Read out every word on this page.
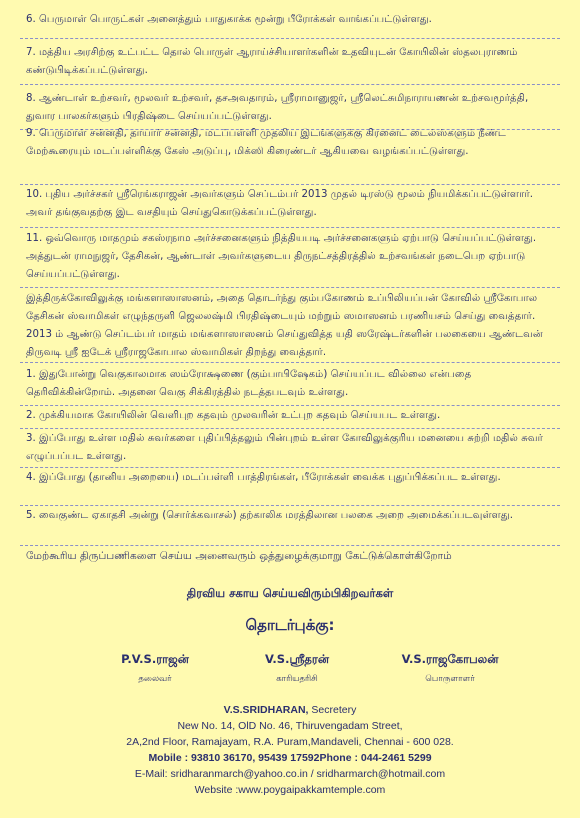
6. பெருமாள் பொருட்கள் அனைத்தும் பாதுகாக்க மூன்று பீரோக்கள் வாங்கப்பட்டுள்ளது.

7. மத்திய அரசிற்கு உட்பட்ட தொல் பொருள் ஆராய்ச்சியாளர்களின் உதவியுடன் கோயிலின் ஸ்தலபுராணம் கண்டுபிடிக்கப்பட்டுள்ளது.

8. ஆண்டாள் உற்சவர், மூலவர் உற்சவர், தசஅவதாரம், ஸ்ரீராமானுஜர், ஸ்ரீலெட்சுமிநாராயணன் உற்சவமூர்த்தி, துவார பாலகர்களும் பிரதிஷ்டை செய்யப்பட்டுள்ளது.

9. பெருமாள் சன்னதி, தாயார் சன்னதி, மடப்பள்ளி முதலிய இடங்களுக்கு கிரனைட் டைல்ஸ்களும் நீண்ட மேற்கூரையும் மடப்பள்ளிக்கு கேஸ் அடுப்பு, மிக்ஸி கிரைண்டர் ஆகியவை வழங்கப்பட்டுள்ளது.

10. புதிய அர்ச்சகர் ஸ்ரீரெங்கராஜன் அவர்களும் செப்டம்பர் 2013 முதல் டிரஸ்டு மூலம் நியமிக்கப்பட்டுள்ளார். அவர் தங்குவதற்கு இட வசதியும் செய்துகொடுக்கப்பட்டுள்ளது.

11. ஒவ்வொரு மாதமும் சகஸ்ரநாம அர்ச்சனைகளும் நித்தியபடி அர்ச்சனைகளும் ஏற்பாடு செய்யப்பட்டுள்ளது. அத்துடன் ராமநுஜர், தேசிகன், ஆண்டாள் அவர்களுடைய திருநட்சத்திரத்தில் உற்சவங்கள் நடைபெற ஏற்பாடு செய்யப்பட்டுள்ளது.

இத்திருக்கோவிலுக்கு மங்களாஸாஸனம், அதை தொடர்ந்து கும்பகோணம் உப்பிலியப்பன் கோவில் ஸ்ரீகோபால தேசிகன் ஸ்வாமிகள் எழுந்தருளி ஜெலலஷ்மி பிரதிஷ்டையும் மற்றும் ஸமாஸனம் பரணியசம் செய்து வைத்தார். 2013 ம் ஆண்டு செப்டம்பர் மாதம் மங்களாஸாஸனம் செய்துவித்த யதி ஸரேஷ்டர்களின் பலகையை ஆண்டவன் திருவடி ஸ்ரீ ஐடேக் ஸ்ரீராஜகோபால ஸ்வாமிகள் திறந்து வைத்தார்.

1. இதுபோன்று வெகுகாலமாக ஸம்ரோக்ஷணை (கும்பாபிஷேகம்) செய்யப்பட வில்லை என்பதை தெரிவிக்கின்றோம். அதனை வெகு சிக்கிரத்தில் நடத்தபடவும் உள்ளது.

2. முக்கியமாக கோயிலின் வெளிபுற கதவும் முலவரின் உட்புற கதவும் செய்யபட உள்ளது.

3. இப்போது உள்ள மதில் சுவர்களை புதிப்பித்தலும் பின்புறம் உள்ள கோவிலுக்குரிய மனையை சுற்றி மதில் சுவர் எழுப்பப்பட உள்ளது.

4. இப்போது (தானிய அறையை) மடப்பள்ளி பாத்திரங்கள், பீரோக்கள் வைக்க புதுப்பிக்கப்பட உள்ளது.

5. வைகுண்ட ஏகாதசி அன்று (சொர்க்கவாசல்) தற்காலிக மரத்திலான பலகை அறை அமைக்கப்படவுள்ளது.

மேற்கூரிய திருப்பணிகளை செய்ய அனைவரும் ஒத்துழைக்குமாறு கேட்டுக்கொள்கிறோம்

திரவிய சகாய செய்யவிரும்பிகிறவர்கள்

தொடர்புக்கு:

P.V.S.ராஜன்
தலைவர்

V.S.ஸ்ரீதரன்
காரியதரிசி

V.S.ராஜகோபலன்
பொருளாளர்

V.S.SRIDHARAN, Secretery

New No. 14, OlD No. 46, Thiruvengadam Street,

2A,2nd Floor, Ramajayam, R.A. Puram,Mandaveli, Chennai - 600 028.

Mobile : 93810 36170, 95439 17592Phone : 044-2461 5299

E-Mail: sridharanmarch@yahoo.co.in / sridharmarch@hotmail.com

Website :www.poygaipakkamtemple.com
